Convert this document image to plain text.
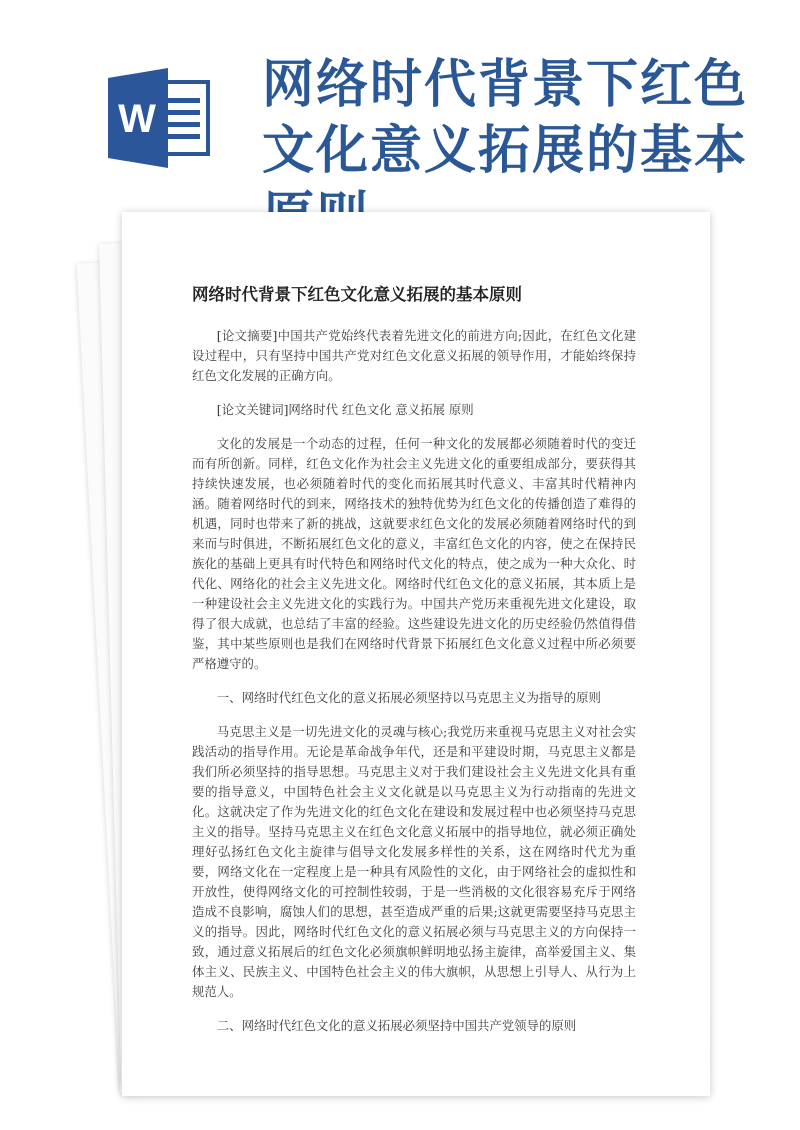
W
网络时代背景下红色文化意义拓展的基本
网络时代背景下红色文化意义拓展的基本原则

[论文摘要]中国共产党始终代表着先进文化的前进方向;因此，在红色文化建设过程中，只有坚持中国共产党对红色文化意义拓展的领导作用，才能始终保持红色文化发展的正确方向。

[论文关键词]网络时代 红色文化 意义拓展 原则

文化的发展是一个动态的过程，任何一种文化的发展都必须随着时代的变迁而有所创新。同样，红色文化作为社会主义先进文化的重要组成部分，要获得其持续快速发展，也必须随着时代的变化而拓展其时代意义、丰富其时代精神内涵。随着网络时代的到来，网络技术的独特优势为红色文化的传播创造了难得的机遇，同时也带来了新的挑战，这就要求红色文化的发展必须随着网络时代的到来而与时俱进，不断拓展红色文化的意义，丰富红色文化的内容，使之在保持民族化的基础上更具有时代特色和网络时代文化的特点，使之成为一种大众化、时代化、网络化的社会主义先进文化。网络时代红色文化的意义拓展，其本质上是一种建设社会主义先进文化的实践行为。中国共产党历来重视先进文化建设，取得了很大成就，也总结了丰富的经验。这些建设先进文化的历史经验仍然值得借鉴，其中某些原则也是我们在网络时代背景下拓展红色文化意义过程中所必须要严格遵守的。

一、网络时代红色文化的意义拓展必须坚持以马克思主义为指导的原则

马克思主义是一切先进文化的灵魂与核心;我党历来重视马克思主义对社会实践活动的指导作用。无论是革命战争年代，还是和平建设时期，马克思主义都是我们所必须坚持的指导思想。马克思主义对于我们建设社会主义先进文化具有重要的指导意义，中国特色社会主义文化就是以马克思主义为行动指南的先进文化。这就决定了作为先进文化的红色文化在建设和发展过程中也必须坚持马克思主义的指导。坚持马克思主义在红色文化意义拓展中的指导地位，就必须正确处理好弘扬红色文化主旋律与倡导文化发展多样性的关系，这在网络时代尤为重要，网络文化在一定程度上是一种具有风险性的文化，由于网络社会的虚拟性和开放性，使得网络文化的可控制性较弱，于是一些消极的文化很容易充斥于网络造成不良影响，腐蚀人们的思想，甚至造成严重的后果;这就更需要坚持马克思主义的指导。因此，网络时代红色文化的意义拓展必须与马克思主义的方向保持一致，通过意义拓展后的红色文化必须旗帜鲜明地弘扬主旋律，高举爱国主义、集体主义、民族主义、中国特色社会主义的伟大旗帜，从思想上引导人、从行为上规范人。

二、网络时代红色文化的意义拓展必须坚持中国共产党领导的原则
